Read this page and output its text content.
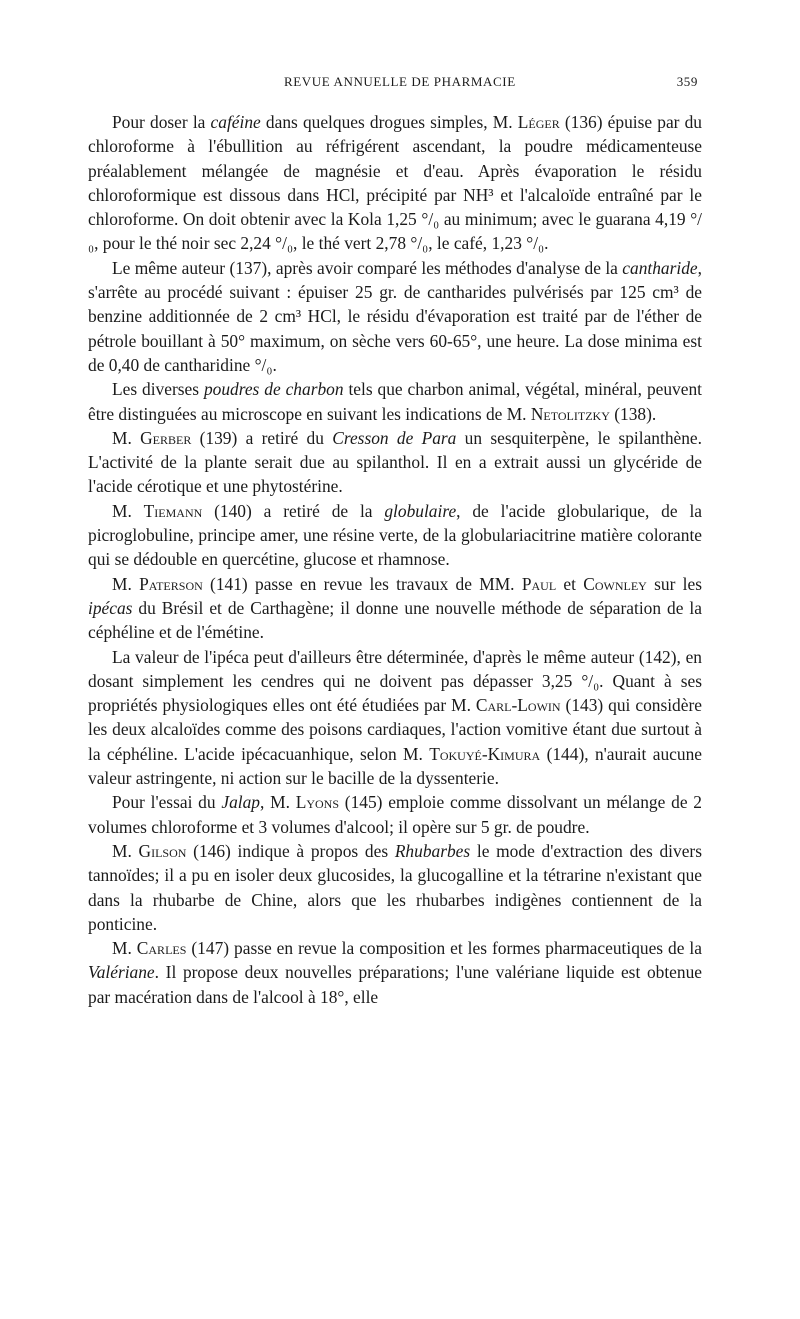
REVUE ANNUELLE DE PHARMACIE	359

Pour doser la caféine dans quelques drogues simples, M. Léger (136) épuise par du chloroforme à l'ébullition au réfrigérent ascendant, la poudre médicamenteuse préalablement mélangée de magnésie et d'eau. Après évaporation le résidu chloroformique est dissous dans HCl, précipité par NH³ et l'alcaloïde entraîné par le chloroforme. On doit obtenir avec la Kola 1,25 °/₀ au minimum; avec le guarana 4,19 °/₀, pour le thé noir sec 2,24 °/₀, le thé vert 2,78 °/₀, le café, 1,23 °/₀.

Le même auteur (137), après avoir comparé les méthodes d'analyse de la cantharide, s'arrête au procédé suivant : épuiser 25 gr. de cantharides pulvérisés par 125 cm³ de benzine additionnée de 2 cm³ HCl, le résidu d'évaporation est traité par de l'éther de pétrole bouillant à 50° maximum, on sèche vers 60-65°, une heure. La dose minima est de 0,40 de cantharidine °/₀.

Les diverses poudres de charbon tels que charbon animal, végétal, minéral, peuvent être distinguées au microscope en suivant les indications de M. Netolitzky (138).

M. Gerber (139) a retiré du Cresson de Para un sesquiterpène, le spilanthène. L'activité de la plante serait due au spilanthol. Il en a extrait aussi un glycéride de l'acide cérotique et une phytostérine.

M. Tiemann (140) a retiré de la globulaire, de l'acide globularique, de la picroglobuline, principe amer, une résine verte, de la globulariacitrine matière colorante qui se dédouble en quercétine, glucose et rhamnose.

M. Paterson (141) passe en revue les travaux de MM. Paul et Cownley sur les ipécas du Brésil et de Carthagène; il donne une nouvelle méthode de séparation de la céphéline et de l'émétine.

La valeur de l'ipéca peut d'ailleurs être déterminée, d'après le même auteur (142), en dosant simplement les cendres qui ne doivent pas dépasser 3,25 °/₀. Quant à ses propriétés physiologiques elles ont été étudiées par M. Carl-Lowin (143) qui considère les deux alcaloïdes comme des poisons cardiaques, l'action vomitive étant due surtout à la céphéline. L'acide ipécacuanhique, selon M. Tokuyé-Kimura (144), n'aurait aucune valeur astringente, ni action sur le bacille de la dyssenterie.

Pour l'essai du Jalap, M. Lyons (145) emploie comme dissolvant un mélange de 2 volumes chloroforme et 3 volumes d'alcool; il opère sur 5 gr. de poudre.

M. Gilson (146) indique à propos des Rhubarbes le mode d'extraction des divers tannoïdes; il a pu en isoler deux glucosides, la glucogalline et la tétrarine n'existant que dans la rhubarbe de Chine, alors que les rhubarbes indigènes contiennent de la ponticine.

M. Carles (147) passe en revue la composition et les formes pharmaceutiques de la Valériane. Il propose deux nouvelles préparations; l'une valériane liquide est obtenue par macération dans de l'alcool à 18°, elle
